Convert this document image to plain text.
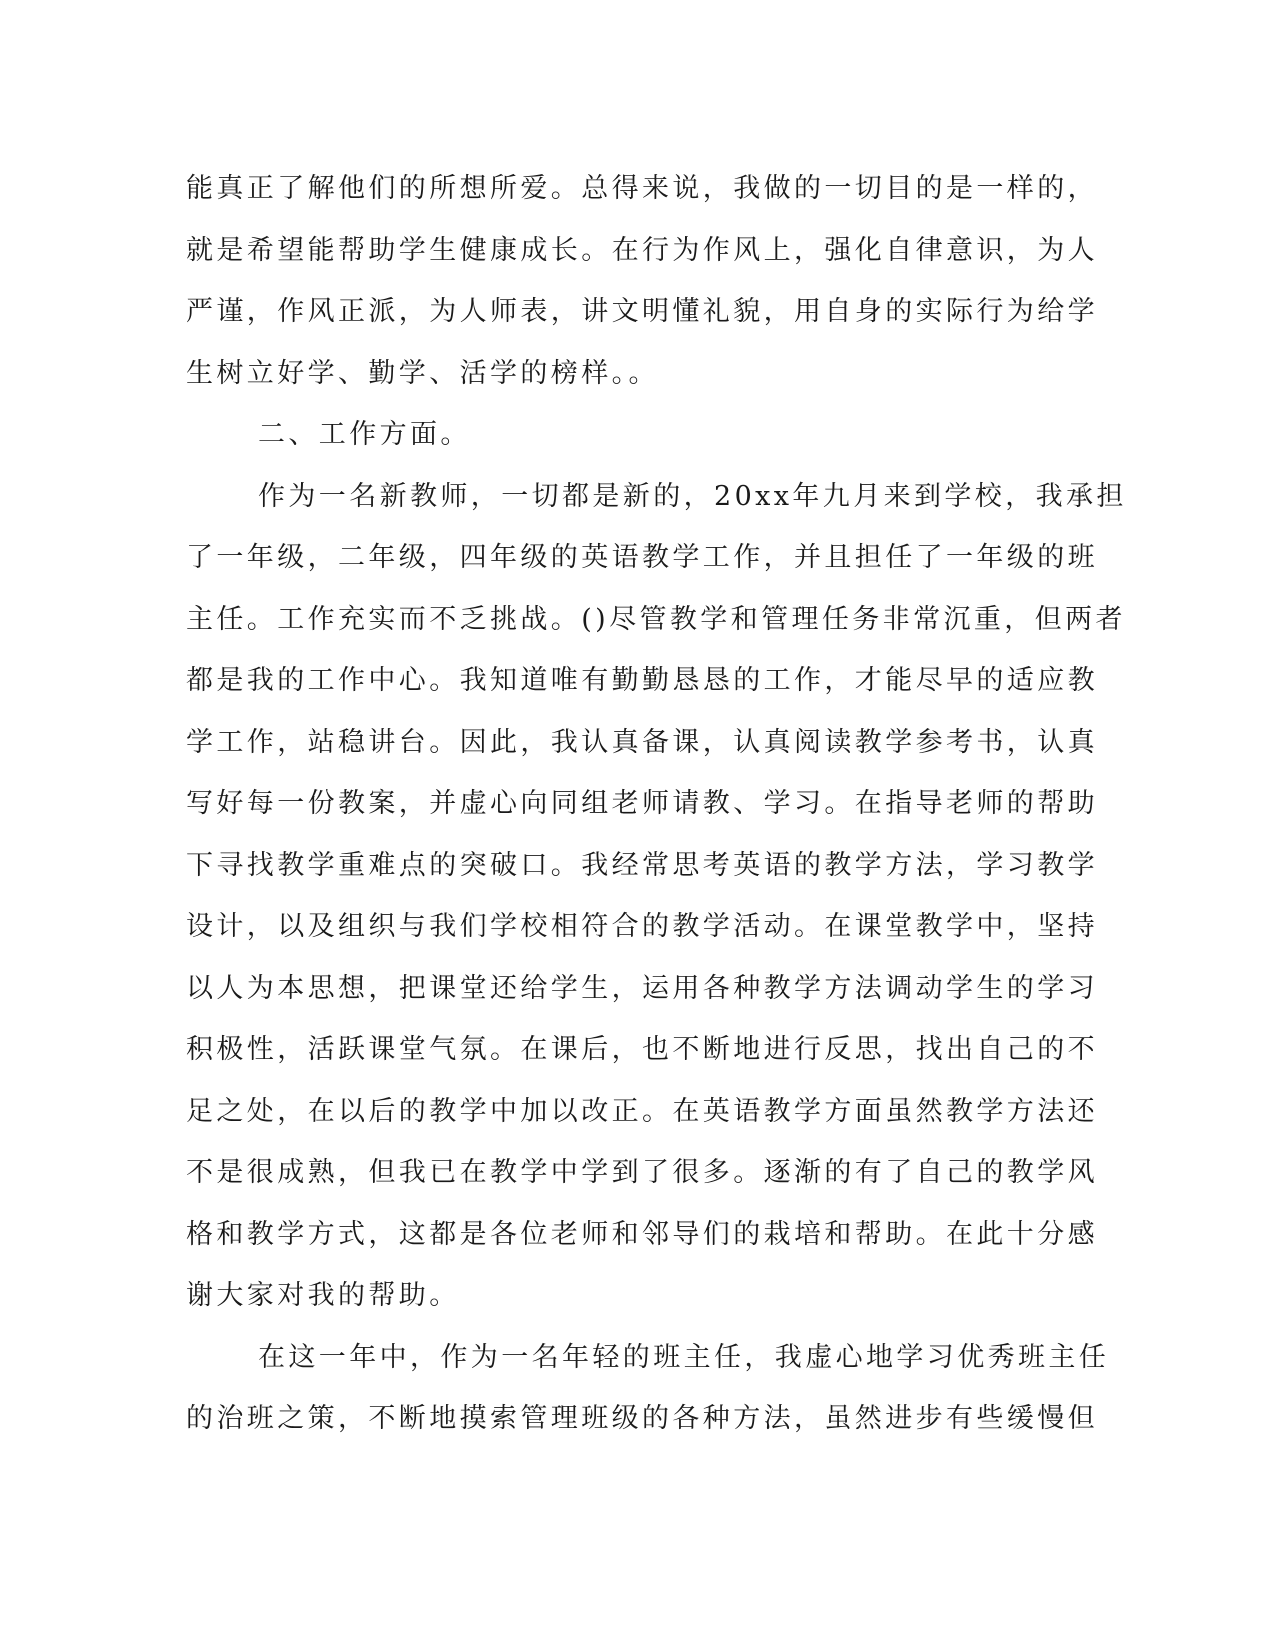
能真正了解他们的所想所爱。总得来说，我做的一切目的是一样的，
就是希望能帮助学生健康成长。在行为作风上，强化自律意识，为人
严谨，作风正派，为人师表，讲文明懂礼貌，用自身的实际行为给学
生树立好学、勤学、活学的榜样。。
二、工作方面。
作为一名新教师，一切都是新的，20xx年九月来到学校，我承担
了一年级，二年级，四年级的英语教学工作，并且担任了一年级的班
主任。工作充实而不乏挑战。()尽管教学和管理任务非常沉重，但两者
都是我的工作中心。我知道唯有勤勤恳恳的工作，才能尽早的适应教
学工作，站稳讲台。因此，我认真备课，认真阅读教学参考书，认真
写好每一份教案，并虚心向同组老师请教、学习。在指导老师的帮助
下寻找教学重难点的突破口。我经常思考英语的教学方法，学习教学
设计，以及组织与我们学校相符合的教学活动。在课堂教学中，坚持
以人为本思想，把课堂还给学生，运用各种教学方法调动学生的学习
积极性，活跃课堂气氛。在课后，也不断地进行反思，找出自己的不
足之处，在以后的教学中加以改正。在英语教学方面虽然教学方法还
不是很成熟，但我已在教学中学到了很多。逐渐的有了自己的教学风
格和教学方式，这都是各位老师和邻导们的栽培和帮助。在此十分感
谢大家对我的帮助。
在这一年中，作为一名年轻的班主任，我虚心地学习优秀班主任
的治班之策，不断地摸索管理班级的各种方法，虽然进步有些缓慢但
